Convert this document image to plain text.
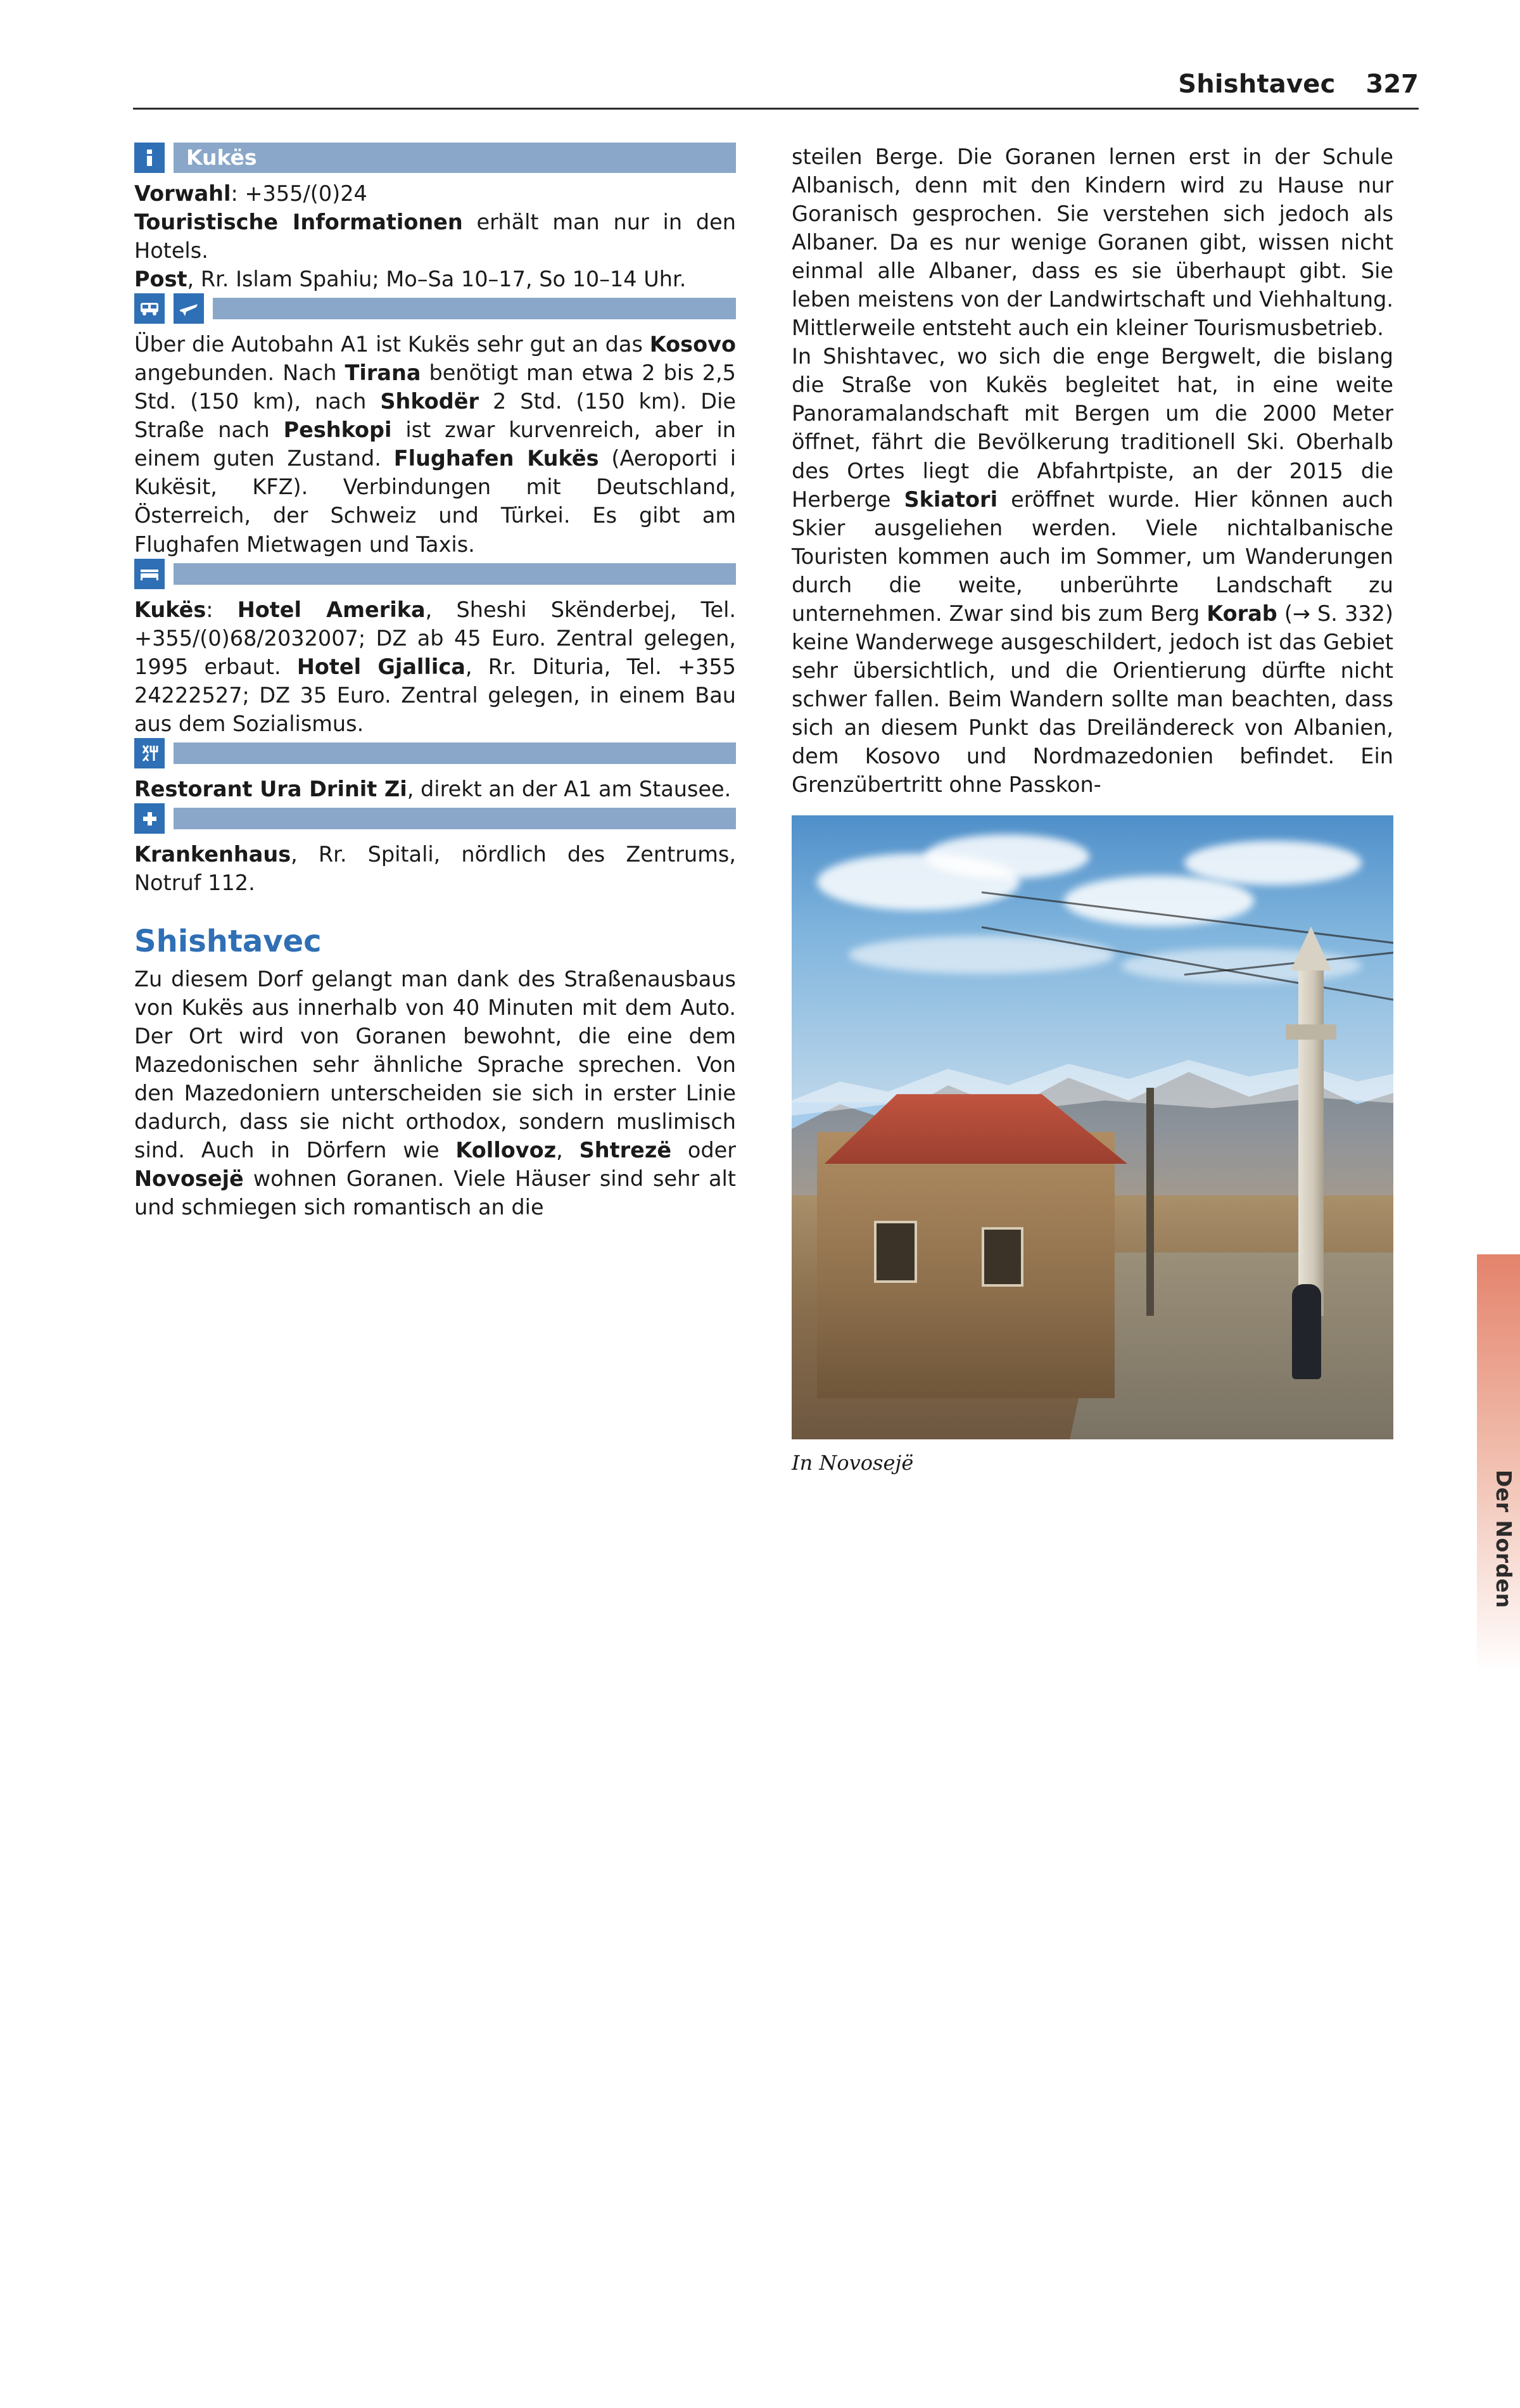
Shishtavec 327
Kukës

Vorwahl: +355/(0)24
Touristische Informationen erhält man nur in den Hotels.
Post, Rr. Islam Spahiu; Mo–Sa 10–17, So 10–14 Uhr.

Über die Autobahn A1 ist Kukës sehr gut an das Kosovo angebunden. Nach Tirana benötigt man etwa 2 bis 2,5 Std. (150 km), nach Shkodër 2 Std. (150 km). Die Straße nach Peshkopi ist zwar kurvenreich, aber in einem guten Zustand. Flughafen Kukës (Aeroporti i Kukësit, KFZ). Verbindungen mit Deutschland, Österreich, der Schweiz und Türkei. Es gibt am Flughafen Mietwagen und Taxis.

Kukës: Hotel Amerika, Sheshi Skënderbej, Tel. +355/(0)68/2032007; DZ ab 45 Euro. Zentral gelegen, 1995 erbaut. Hotel Gjallica, Rr. Dituria, Tel. +355 24222527; DZ 35 Euro. Zentral gelegen, in einem Bau aus dem Sozialismus.

Restorant Ura Drinit Zi, direkt an der A1 am Stausee.

Krankenhaus, Rr. Spitali, nördlich des Zentrums, Notruf 112.

Shishtavec

Zu diesem Dorf gelangt man dank des Straßenausbaus von Kukës aus innerhalb von 40 Minuten mit dem Auto. Der Ort wird von Goranen bewohnt, die eine dem Mazedonischen sehr ähnliche Sprache sprechen. Von den Mazedoniern unterscheiden sie sich in erster Linie dadurch, dass sie nicht orthodox, sondern muslimisch sind. Auch in Dörfern wie Kollovoz, Shtrezë oder Novosejë wohnen Goranen. Viele Häuser sind sehr alt und schmiegen sich romantisch an die

steilen Berge. Die Goranen lernen erst in der Schule Albanisch, denn mit den Kindern wird zu Hause nur Goranisch gesprochen. Sie verstehen sich jedoch als Albaner. Da es nur wenige Goranen gibt, wissen nicht einmal alle Albaner, dass es sie überhaupt gibt. Sie leben meistens von der Landwirtschaft und Viehhaltung. Mittlerweile entsteht auch ein kleiner Tourismusbetrieb.

In Shishtavec, wo sich die enge Bergwelt, die bislang die Straße von Kukës begleitet hat, in eine weite Panoramalandschaft mit Bergen um die 2000 Meter öffnet, fährt die Bevölkerung traditionell Ski. Oberhalb des Ortes liegt die Abfahrtpiste, an der 2015 die Herberge Skiatori eröffnet wurde. Hier können auch Skier ausgeliehen werden. Viele nichtalbanische Touristen kommen auch im Sommer, um Wanderungen durch die weite, unberührte Landschaft zu unternehmen. Zwar sind bis zum Berg Korab (→ S. 332) keine Wanderwege ausgeschildert, jedoch ist das Gebiet sehr übersichtlich, und die Orientierung dürfte nicht schwer fallen. Beim Wandern sollte man beachten, dass sich an diesem Punkt das Dreiländereck von Albanien, dem Kosovo und Nordmazedonien befindet. Ein Grenzübertritt ohne Passkon-

In Novosejë
Der Norden
